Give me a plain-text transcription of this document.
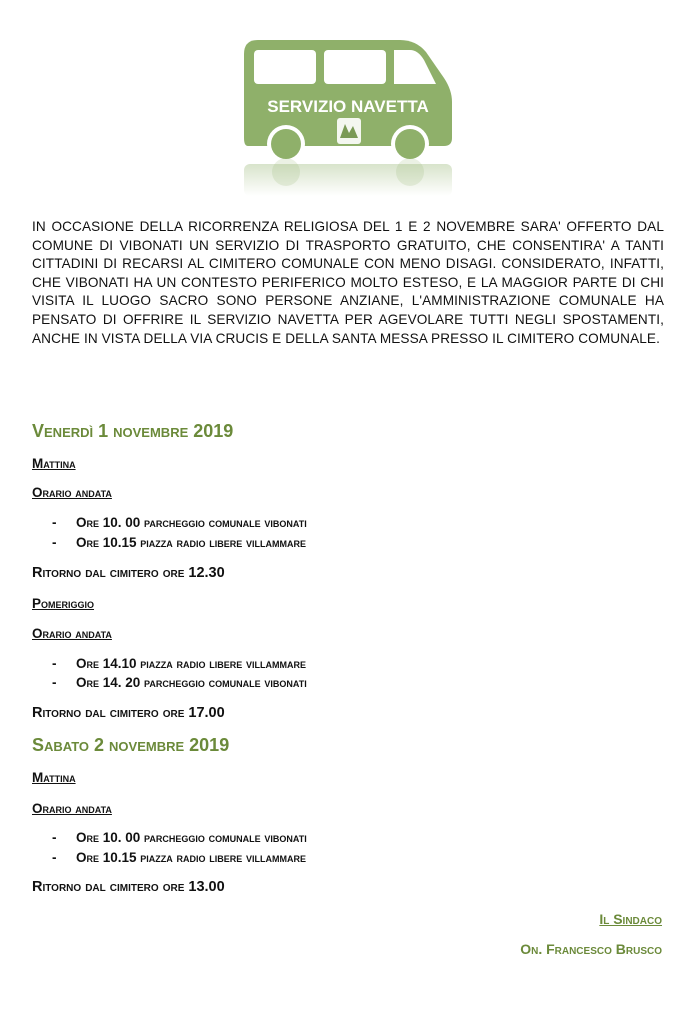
SERVIZIO NAVETTA
IN OCCASIONE DELLA RICORRENZA RELIGIOSA DEL 1 E 2 NOVEMBRE SARA' OFFERTO DAL COMUNE DI VIBONATI UN SERVIZIO DI TRASPORTO GRATUITO, CHE CONSENTIRA' A TANTI CITTADINI DI RECARSI AL CIMITERO COMUNALE CON MENO DISAGI. CONSIDERATO, INFATTI, CHE VIBONATI HA UN CONTESTO PERIFERICO MOLTO ESTESO, E LA MAGGIOR PARTE DI CHI VISITA IL LUOGO SACRO SONO PERSONE ANZIANE, L'AMMINISTRAZIONE COMUNALE HA PENSATO DI OFFRIRE IL SERVIZIO NAVETTA PER AGEVOLARE TUTTI NEGLI SPOSTAMENTI, ANCHE IN VISTA DELLA VIA CRUCIS E DELLA SANTA MESSA PRESSO IL CIMITERO COMUNALE.
Venerdì 1 novembre 2019
Mattina
Orario andata
- Ore 10. 00 parcheggio comunale vibonati
- Ore 10.15 piazza radio libere villammare
Ritorno dal cimitero ore 12.30
Pomeriggio
Orario andata
- Ore 14.10 piazza radio libere villammare
- Ore 14. 20 parcheggio comunale vibonati
Ritorno dal cimitero ore 17.00
Sabato 2 novembre 2019
Mattina
Orario andata
- Ore 10. 00 parcheggio comunale vibonati
- Ore 10.15 piazza radio libere villammare
Ritorno dal cimitero ore 13.00
Il Sindaco
On. Francesco Brusco
